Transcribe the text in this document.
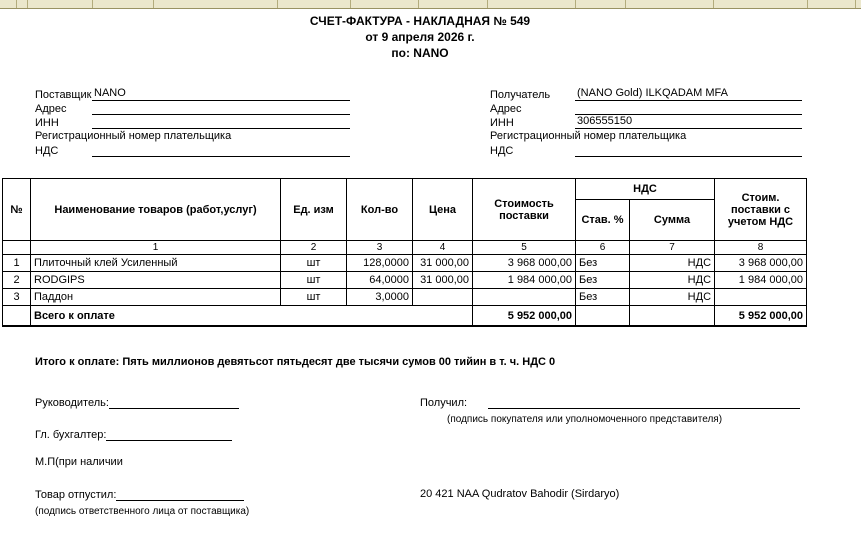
СЧЕТ-ФАКТУРА - НАКЛАДНАЯ № 549
от 9 апреля 2026 г.
по: NANO
Поставщик NANO
Адрес
ИНН
Регистрационный номер плательщика
НДС
Получатель	(NANO Gold) ILKQADAM MFA
Адрес
ИНН	306555150
Регистрационный номер плательщика
НДС
№	Наименование товаров (работ,услуг)	Ед. изм	Кол-во	Цена	Стоимость поставки	НДС		Стоим. поставки с учетом НДС
						Став. %	Сумма	
	1	2	3	4	5	6	7	8
1	Плиточный клей Усиленный	шт	128,0000	31 000,00	3 968 000,00	Без	НДС	3 968 000,00
2	RODGIPS	шт	64,0000	31 000,00	1 984 000,00	Без	НДС	1 984 000,00
3	Паддон	шт	3,0000			Без	НДС	
	Всего к оплате				5 952 000,00			5 952 000,00
Итого к оплате: Пять миллионов девятьсот пятьдесят две тысячи сумов 00 тийин в т. ч. НДС 0
Руководитель:	Получил:
(подпись покупателя или уполномоченного представителя)
Гл. бухгалтер:
М.П(при наличии
Товар отпустил:
(подпись ответственного лица от поставщика)
20 421 NAA Qudratov Bahodir (Sirdaryo)
